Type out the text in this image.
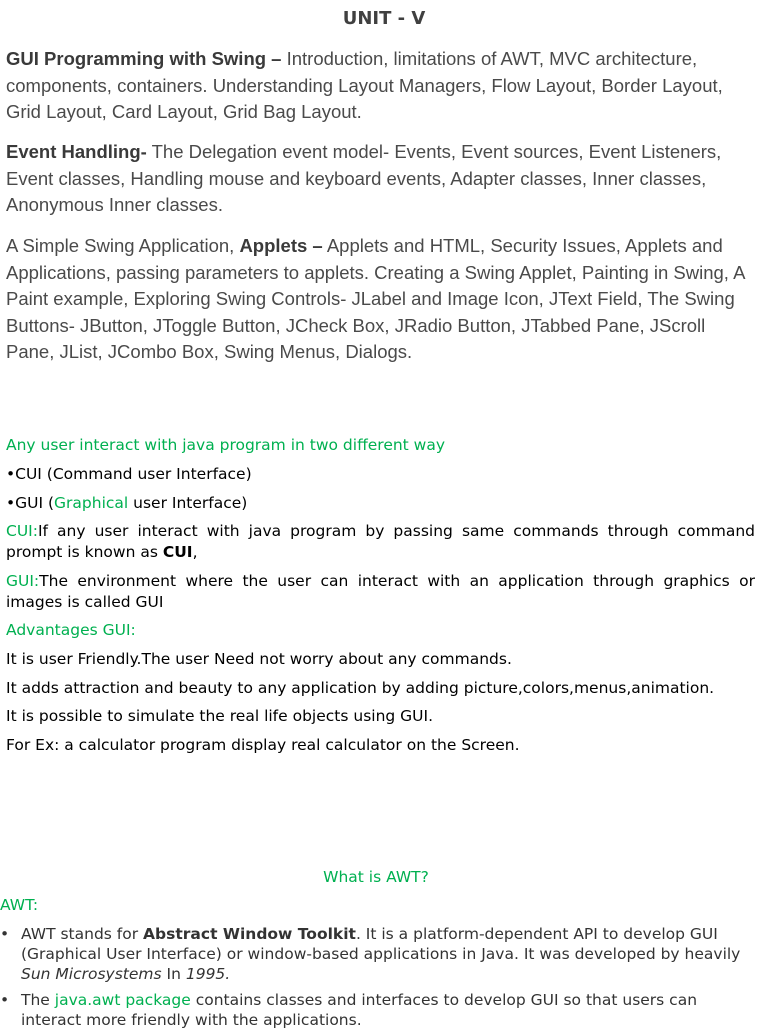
UNIT - V

GUI Programming with Swing – Introduction, limitations of AWT, MVC architecture, components, containers. Understanding Layout Managers, Flow Layout, Border Layout, Grid Layout, Card Layout, Grid Bag Layout.

Event Handling- The Delegation event model- Events, Event sources, Event Listeners, Event classes, Handling mouse and keyboard events, Adapter classes, Inner classes, Anonymous Inner classes.

A Simple Swing Application, Applets – Applets and HTML, Security Issues, Applets and Applications, passing parameters to applets. Creating a Swing Applet, Painting in Swing, A Paint example, Exploring Swing Controls- JLabel and Image Icon, JText Field, The Swing Buttons- JButton, JToggle Button, JCheck Box, JRadio Button, JTabbed Pane, JScroll Pane, JList, JCombo Box, Swing Menus, Dialogs.

Any user interact with java program in two different way

•CUI (Command user Interface)

•GUI (Graphical user Interface)

CUI:If any user interact with java program by passing same commands through command prompt is known as CUI,

GUI:The environment where the user can interact with an application through graphics or images is called GUI

Advantages GUI:

It is user Friendly.The user Need not worry about any commands.

It adds attraction and beauty to any application by adding picture,colors,menus,animation.

It is possible to simulate the real life objects using GUI.

For Ex: a calculator program display real calculator on the Screen.

What is AWT?

AWT:

• AWT stands for Abstract Window Toolkit. It is a platform-dependent API to develop GUI (Graphical User Interface) or window-based applications in Java. It was developed by heavily Sun Microsystems In 1995.
• The java.awt package contains classes and interfaces to develop GUI so that users can interact more friendly with the applications.
